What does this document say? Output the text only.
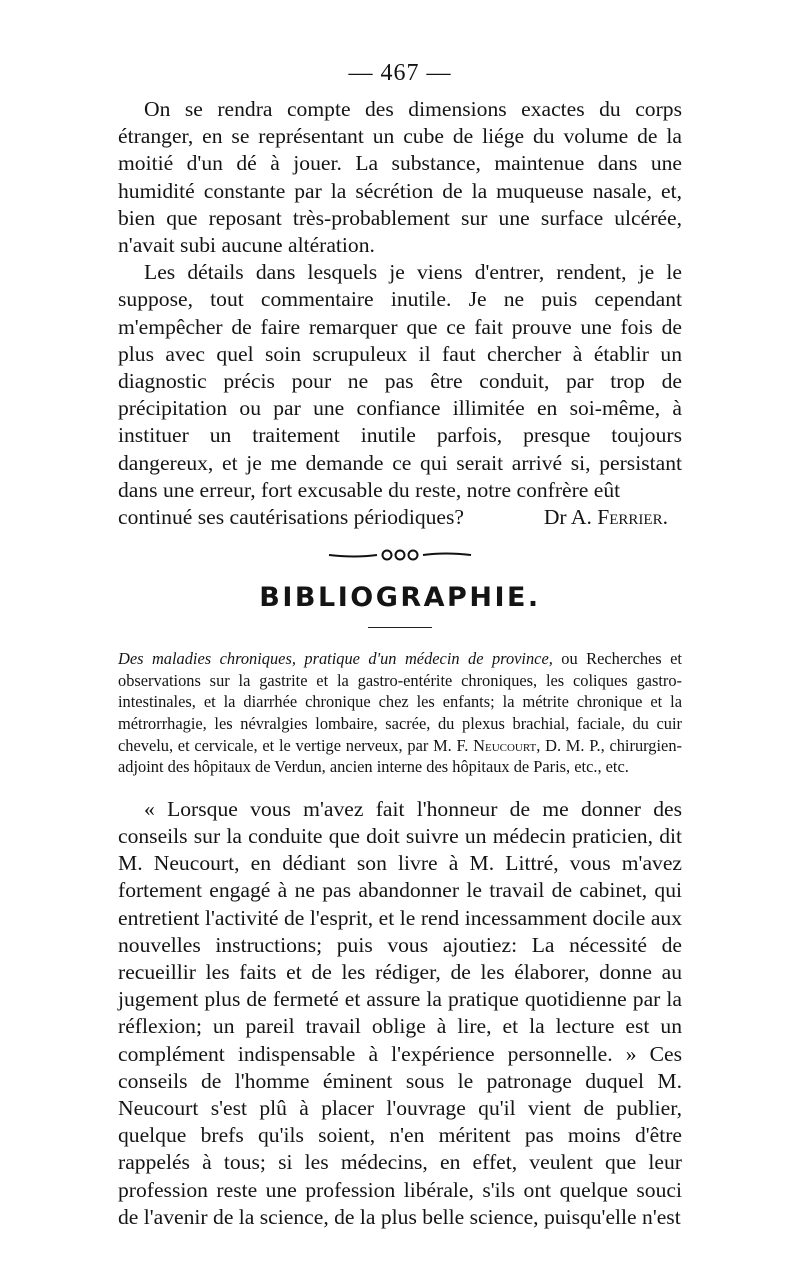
— 467 —

On se rendra compte des dimensions exactes du corps étranger, en se représentant un cube de liége du volume de la moitié d'un dé à jouer. La substance, maintenue dans une humidité constante par la sécrétion de la muqueuse nasale, et, bien que reposant très-probablement sur une surface ulcérée, n'avait subi aucune altération.

Les détails dans lesquels je viens d'entrer, rendent, je le suppose, tout commentaire inutile. Je ne puis cependant m'empêcher de faire remarquer que ce fait prouve une fois de plus avec quel soin scrupuleux il faut chercher à établir un diagnostic précis pour ne pas être conduit, par trop de précipitation ou par une confiance illimitée en soi-même, à instituer un traitement inutile parfois, presque toujours dangereux, et je me demande ce qui serait arrivé si, persistant dans une erreur, fort excusable du reste, notre confrère eût

continué ses cautérisations périodiques?	Dr A. Ferrier.
BIBLIOGRAPHIE.

Des maladies chroniques, pratique d'un médecin de province, ou Recherches et observations sur la gastrite et la gastro-entérite chroniques, les coliques gastro-intestinales, et la diarrhée chronique chez les enfants; la métrite chronique et la métrorrhagie, les névralgies lombaire, sacrée, du plexus brachial, faciale, du cuir chevelu, et cervicale, et le vertige nerveux, par M. F. Neucourt, D. M. P., chirurgien-adjoint des hôpitaux de Verdun, ancien interne des hôpitaux de Paris, etc., etc.

« Lorsque vous m'avez fait l'honneur de me donner des conseils sur la conduite que doit suivre un médecin praticien, dit M. Neucourt, en dédiant son livre à M. Littré, vous m'avez fortement engagé à ne pas abandonner le travail de cabinet, qui entretient l'activité de l'esprit, et le rend incessamment docile aux nouvelles instructions; puis vous ajoutiez: La nécessité de recueillir les faits et de les rédiger, de les élaborer, donne au jugement plus de fermeté et assure la pratique quotidienne par la réflexion; un pareil travail oblige à lire, et la lecture est un complément indispensable à l'expérience personnelle. » Ces conseils de l'homme éminent sous le patronage duquel M. Neucourt s'est plû à placer l'ouvrage qu'il vient de publier, quelque brefs qu'ils soient, n'en méritent pas moins d'être rappelés à tous; si les médecins, en effet, veulent que leur profession reste une profession libérale, s'ils ont quelque souci de l'avenir de la science, de la plus belle science, puisqu'elle n'est
